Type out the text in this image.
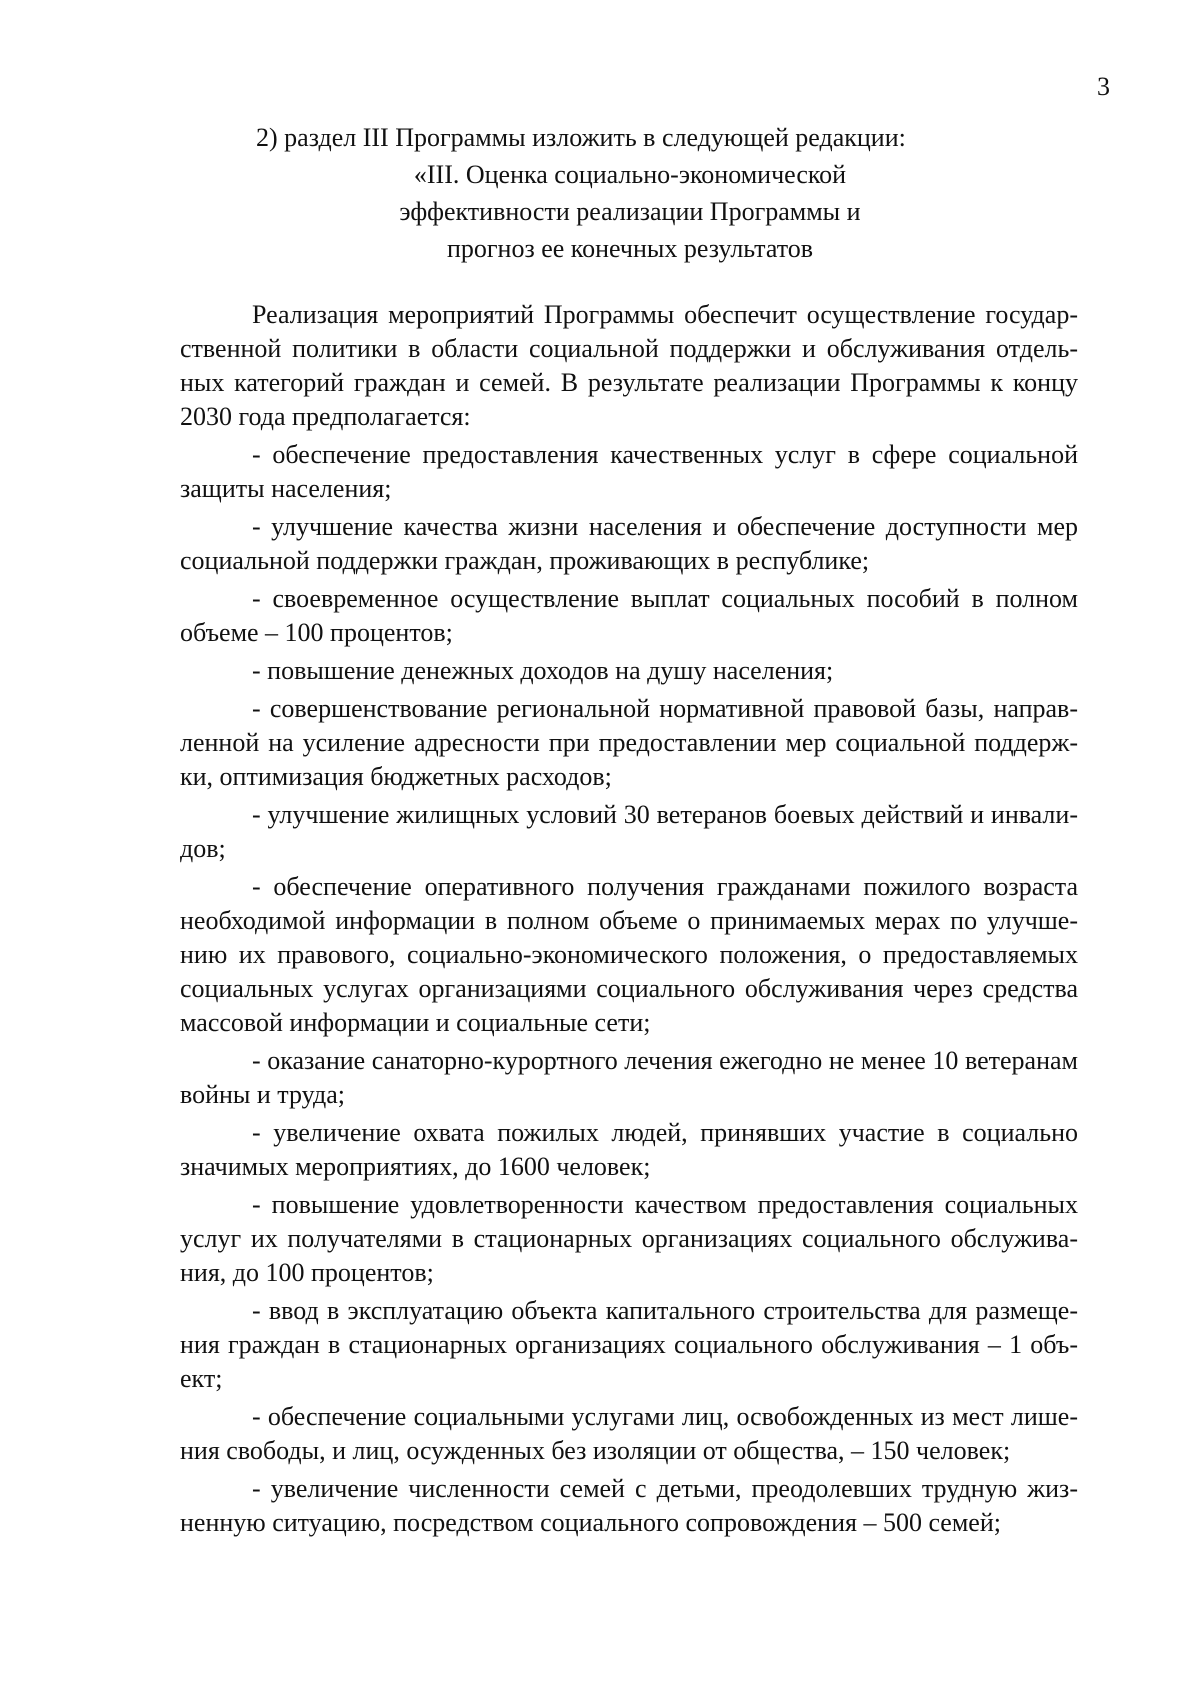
3
2) раздел III Программы изложить в следующей редакции:
«III. Оценка социально-экономической
эффективности реализации Программы и
прогноз ее конечных результатов

Реализация мероприятий Программы обеспечит осуществление государственной политики в области социальной поддержки и обслуживания отдельных категорий граждан и семей. В результате реализации Программы к концу 2030 года предполагается:

- обеспечение предоставления качественных услуг в сфере социальной защиты населения;

- улучшение качества жизни населения и обеспечение доступности мер социальной поддержки граждан, проживающих в республике;

- своевременное осуществление выплат социальных пособий в полном объеме – 100 процентов;

- повышение денежных доходов на душу населения;

- совершенствование региональной нормативной правовой базы, направленной на усиление адресности при предоставлении мер социальной поддержки, оптимизация бюджетных расходов;

- улучшение жилищных условий 30 ветеранов боевых действий и инвалидов;

- обеспечение оперативного получения гражданами пожилого возраста необходимой информации в полном объеме о принимаемых мерах по улучшению их правового, социально-экономического положения, о предоставляемых социальных услугах организациями социального обслуживания через средства массовой информации и социальные сети;

- оказание санаторно-курортного лечения ежегодно не менее 10 ветеранам войны и труда;

- увеличение охвата пожилых людей, принявших участие в социально значимых мероприятиях, до 1600 человек;

- повышение удовлетворенности качеством предоставления социальных услуг их получателями в стационарных организациях социального обслуживания, до 100 процентов;

- ввод в эксплуатацию объекта капитального строительства для размещения граждан в стационарных организациях социального обслуживания – 1 объект;

- обеспечение социальными услугами лиц, освобожденных из мест лишения свободы, и лиц, осужденных без изоляции от общества, – 150 человек;

- увеличение численности семей с детьми, преодолевших трудную жизненную ситуацию, посредством социального сопровождения – 500 семей;
